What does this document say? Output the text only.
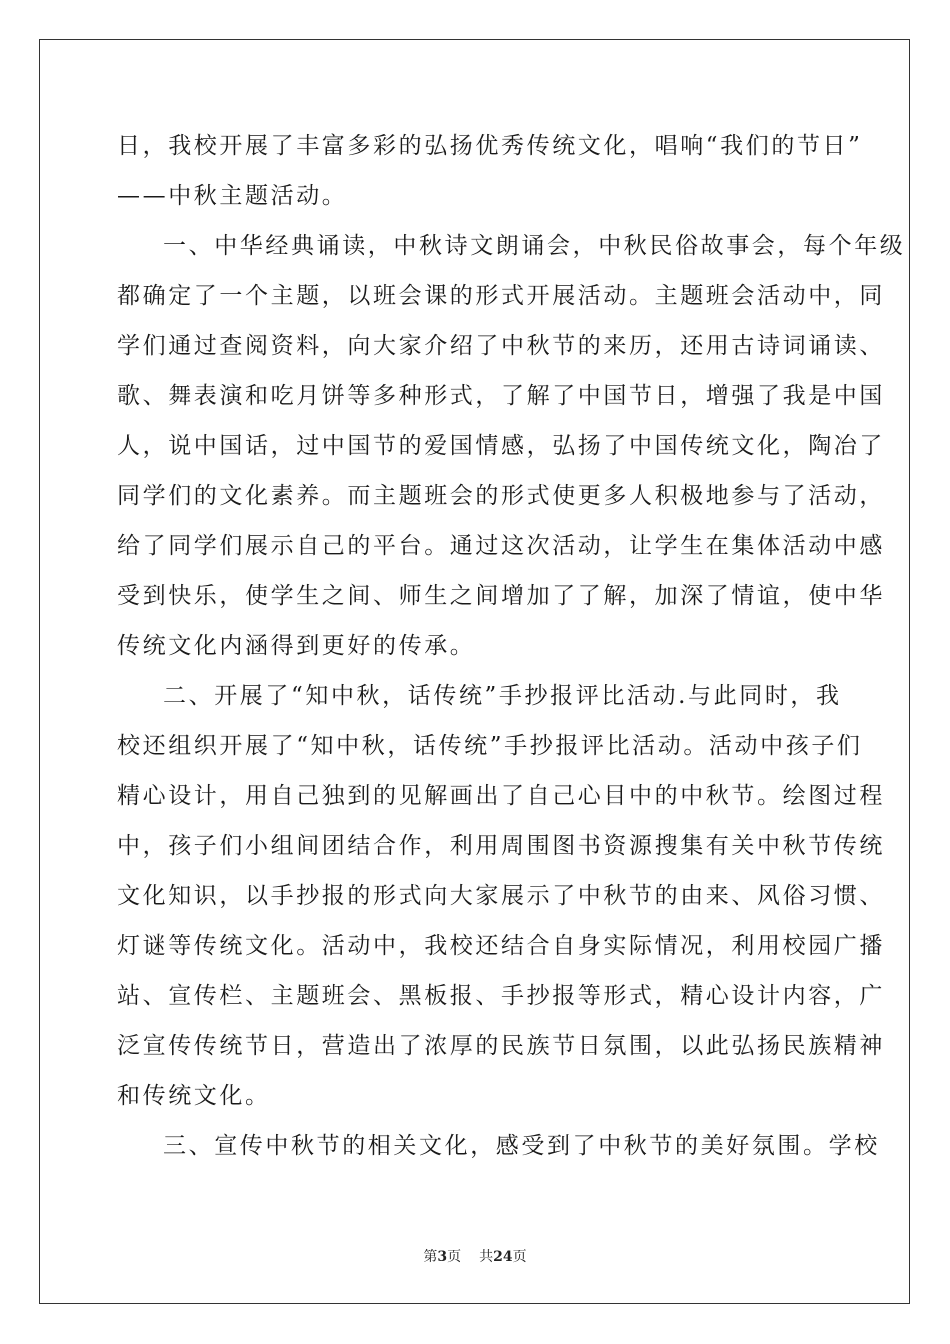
日，我校开展了丰富多彩的弘扬优秀传统文化，唱响“我们的节日”
——中秋主题活动。
一、中华经典诵读，中秋诗文朗诵会，中秋民俗故事会，每个年级
都确定了一个主题，以班会课的形式开展活动。主题班会活动中，同
学们通过查阅资料，向大家介绍了中秋节的来历，还用古诗词诵读、
歌、舞表演和吃月饼等多种形式，了解了中国节日，增强了我是中国
人，说中国话，过中国节的爱国情感，弘扬了中国传统文化，陶冶了
同学们的文化素养。而主题班会的形式使更多人积极地参与了活动，
给了同学们展示自己的平台。通过这次活动，让学生在集体活动中感
受到快乐，使学生之间、师生之间增加了了解，加深了情谊，使中华
传统文化内涵得到更好的传承。
二、开展了“知中秋，话传统”手抄报评比活动.与此同时，我
校还组织开展了“知中秋，话传统”手抄报评比活动。活动中孩子们
精心设计，用自己独到的见解画出了自己心目中的中秋节。绘图过程
中，孩子们小组间团结合作，利用周围图书资源搜集有关中秋节传统
文化知识，以手抄报的形式向大家展示了中秋节的由来、风俗习惯、
灯谜等传统文化。活动中，我校还结合自身实际情况，利用校园广播
站、宣传栏、主题班会、黑板报、手抄报等形式，精心设计内容，广
泛宣传传统节日，营造出了浓厚的民族节日氛围，以此弘扬民族精神
和传统文化。
三、宣传中秋节的相关文化，感受到了中秋节的美好氛围。学校
第3页 共24页
